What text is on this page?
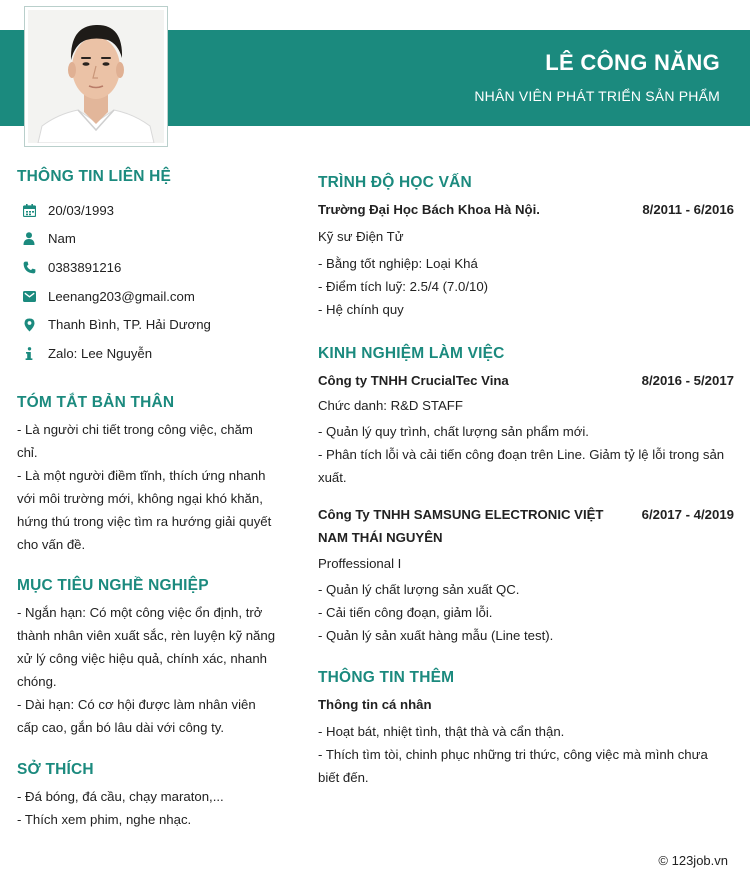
LÊ CÔNG NĂNG
NHÂN VIÊN PHÁT TRIỂN SẢN PHẨM
THÔNG TIN LIÊN HỆ
20/03/1993
Nam
0383891216
Leenang203@gmail.com
Thanh Bình, TP. Hải Dương
Zalo: Lee Nguyễn
TÓM TẮT BẢN THÂN
- Là người chi tiết trong công việc, chăm
chỉ.
- Là một người điềm tĩnh, thích ứng nhanh
với môi trường mới, không ngại khó khăn,
hứng thú trong việc tìm ra hướng giải quyết
cho vấn đề.
MỤC TIÊU NGHỀ NGHIỆP
- Ngắn hạn: Có một công việc ổn định, trở
thành nhân viên xuất sắc, rèn luyện kỹ năng
xử lý công việc hiệu quả, chính xác, nhanh
chóng.
- Dài hạn: Có cơ hội được làm nhân viên
cấp cao, gắn bó lâu dài với công ty.
SỞ THÍCH
- Đá bóng, đá cầu, chạy maraton,...
- Thích xem phim, nghe nhạc.
TRÌNH ĐỘ HỌC VẤN
Trường Đại Học Bách Khoa Hà Nội.	8/2011 - 6/2016
Kỹ sư Điện Tử
- Bằng tốt nghiệp: Loại Khá
- Điểm tích luỹ: 2.5/4 (7.0/10)
- Hệ chính quy
KINH NGHIỆM LÀM VIỆC
Công ty TNHH CrucialTec Vina	8/2016 - 5/2017
Chức danh: R&D STAFF
- Quản lý quy trình, chất lượng sản phẩm mới.
- Phân tích lỗi và cải tiến công đoạn trên Line. Giảm tỷ lệ lỗi trong sản
xuất.
Công Ty TNHH SAMSUNG ELECTRONIC VIỆT NAM THÁI NGUYÊN
6/2017 - 4/2019
Proffessional I
- Quản lý chất lượng sản xuất QC.
- Cải tiến công đoạn, giảm lỗi.
- Quản lý sản xuất hàng mẫu (Line test).
THÔNG TIN THÊM
Thông tin cá nhân
- Hoạt bát, nhiệt tình, thật thà và cẩn thận.
- Thích tìm tòi, chinh phục những tri thức, công việc mà mình chưa
biết đến.
© 123job.vn
